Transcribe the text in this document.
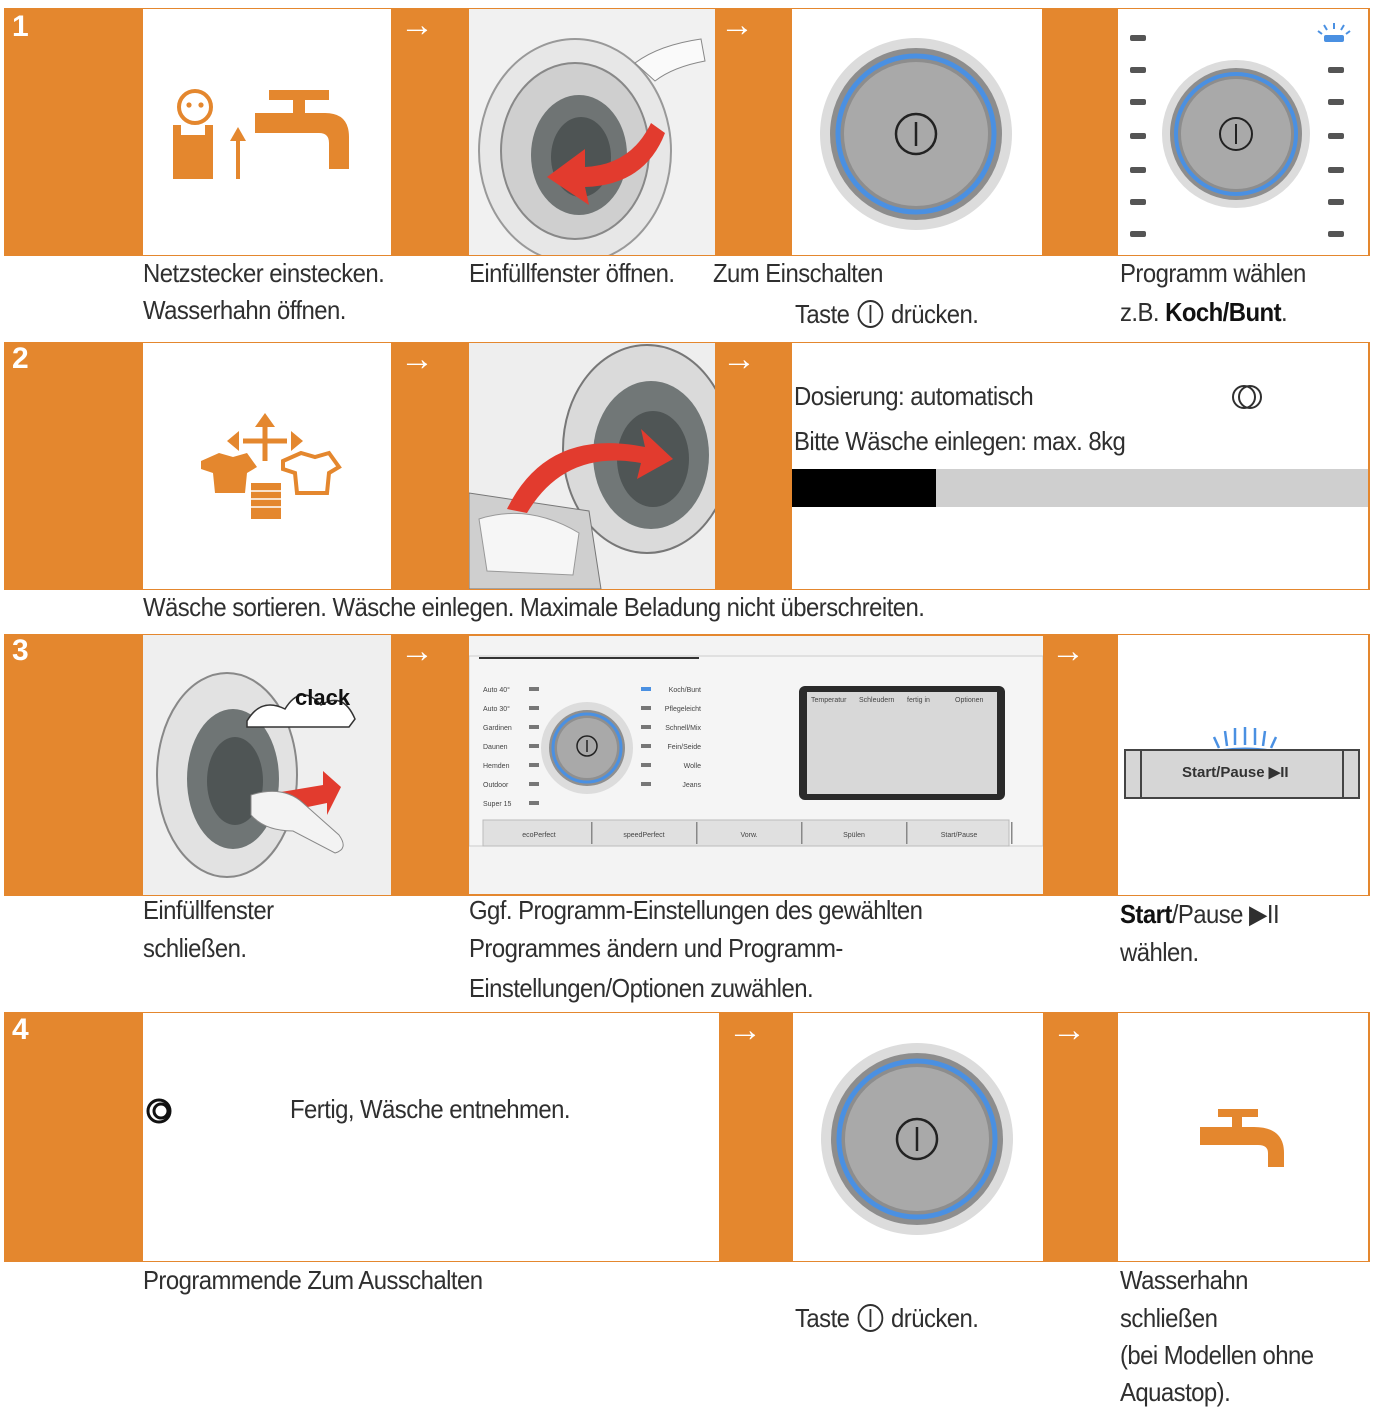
1	→	→
Netzstecker einstecken.
Wasserhahn öffnen.
Einfüllfenster öffnen. Zum Einschalten
Taste drücken.
Programm wählen
z.B. Koch/Bunt.
2	→	→
Dosierung: automatisch
Bitte Wäsche einlegen: max. 8kg
Wäsche sortieren. Wäsche einlegen. Maximale Beladung nicht überschreiten.
3
clack
→
Auto 40°
Auto 30°
Gardinen
Daunen
Hemden
Outdoor
Super 15
Koch/Bunt
Pflegeleicht
Schnell/Mix
Fein/Seide
Wolle
Jeans
Temperatur Schleudern fertig in	Optionen
ecoPerfect	speedPerfect	Vorw.	Spülen	Start/Pause
→
Start/Pause ▶II
Einfüllfenster
schließen.
Ggf. Programm-Einstellungen des gewählten
Programmes ändern und Programm-
Einstellungen/Optionen zuwählen.
Start/Pause ▶II
wählen.
4
Fertig, Wäsche entnehmen.
→	→
Programmende Zum Ausschalten
Taste drücken.
Wasserhahn
schließen
(bei Modellen ohne
Aquastop).
